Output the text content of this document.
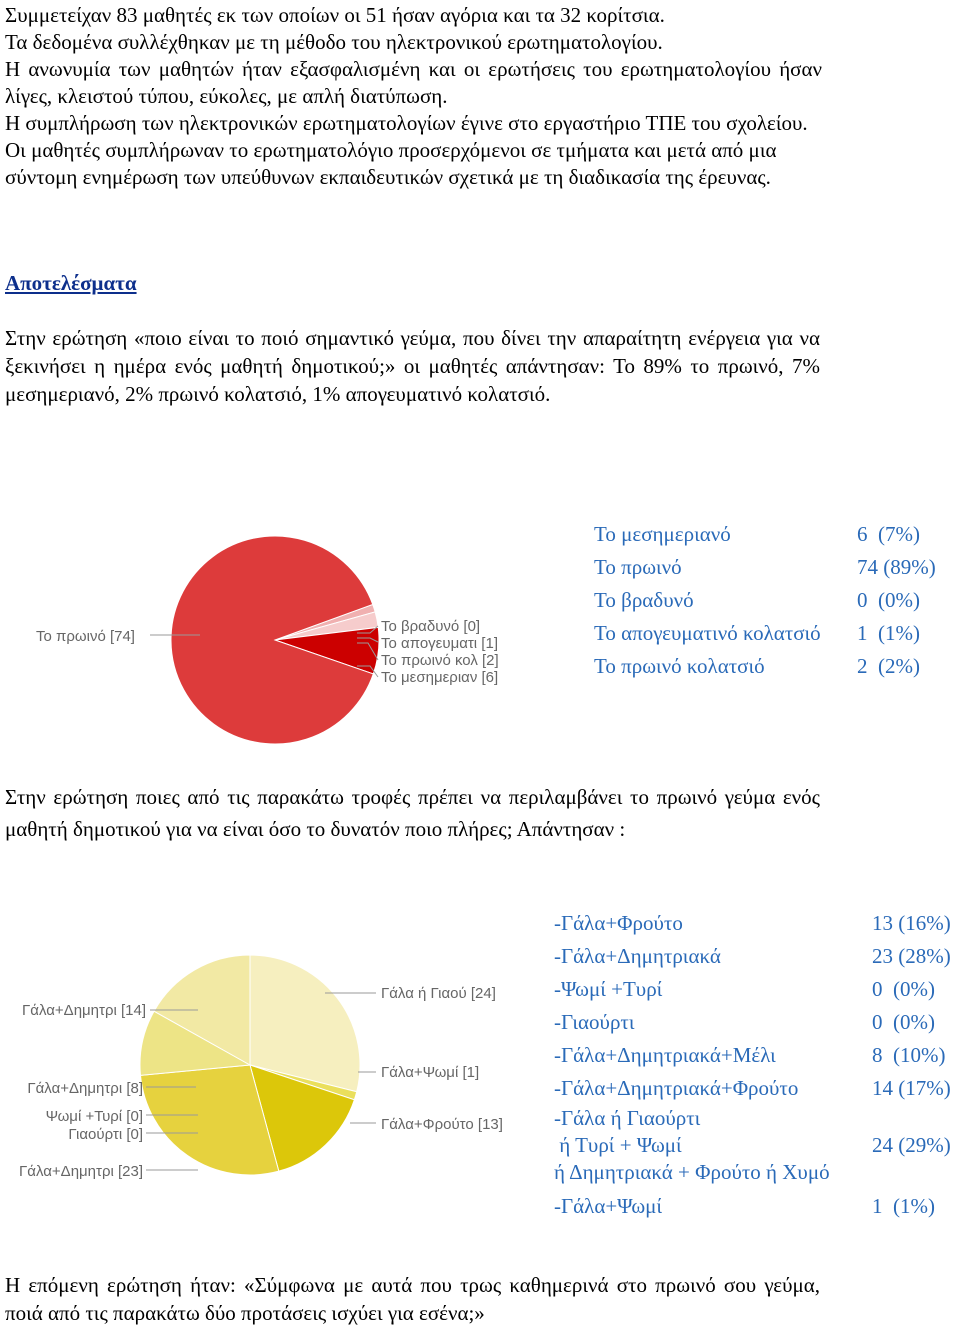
Συμμετείχαν 83 μαθητές εκ των οποίων οι 51 ήσαν αγόρια και τα 32 κορίτσια.

Τα δεδομένα συλλέχθηκαν με τη μέθοδο του ηλεκτρονικού ερωτηματολογίου.

Η ανωνυμία των μαθητών ήταν εξασφαλισμένη και οι ερωτήσεις του ερωτηματολογίου ήσαν λίγες, κλειστού τύπου, εύκολες, με απλή διατύπωση.

Η συμπλήρωση των ηλεκτρονικών ερωτηματολογίων έγινε στο εργαστήριο ΤΠΕ του σχολείου.

Οι μαθητές συμπλήρωναν το ερωτηματολόγιο προσερχόμενοι σε τμήματα και μετά από μια σύντομη ενημέρωση των υπεύθυνων εκπαιδευτικών σχετικά με τη διαδικασία της έρευνας.

Αποτελέσματα

Στην ερώτηση «ποιο είναι το ποιό σημαντικό γεύμα, που δίνει την απαραίτητη ενέργεια για να ξεκινήσει η ημέρα ενός μαθητή δημοτικού;» οι μαθητές απάντησαν: Το 89% το πρωινό, 7% μεσημεριανό, 2% πρωινό κολατσιό, 1% απογευματινό κολατσιό.

Το πρωινό [74]
Το βραδυνό [0]
Το απογευματι [1]
Το πρωινό κολ [2]
Το μεσημεριαν [6]
Το μεσημεριανό	6  (7%)
Το πρωινό	74 (89%)
Το βραδυνό	0  (0%)
Το απογευματινό κολατσιό	1  (1%)
Το πρωινό κολατσιό	2  (2%)

Στην ερώτηση ποιες από τις παρακάτω τροφές πρέπει να περιλαμβάνει το πρωινό γεύμα ενός μαθητή δημοτικού για να είναι όσο το δυνατόν ποιο πλήρες; Απάντησαν :

Γάλα ή Γιαού [24]
Γάλα+Ψωμί [1]
Γάλα+Φρούτο [13]
Γάλα+Δημητρι [14]
Γάλα+Δημητρι [8]
Ψωμί +Τυρί [0]
Γιαούρτι [0]
Γάλα+Δημητρι [23]
-Γάλα+Φρούτο	13 (16%)
-Γάλα+Δημητριακά	23 (28%)
-Ψωμί +Τυρί	0  (0%)
-Γιαούρτι	0  (0%)
-Γάλα+Δημητριακά+Μέλι	8  (10%)
-Γάλα+Δημητριακά+Φρούτο	14 (17%)
-Γάλα ή Γιαούρτι
ή Τυρί + Ψωμί
ή Δημητριακά + Φρούτο ή Χυμό
24 (29%)
-Γάλα+Ψωμί	1  (1%)

Η επόμενη ερώτηση ήταν: «Σύμφωνα με αυτά που τρως καθημερινά στο πρωινό σου γεύμα, ποιά από τις παρακάτω δύο προτάσεις ισχύει για εσένα;»
